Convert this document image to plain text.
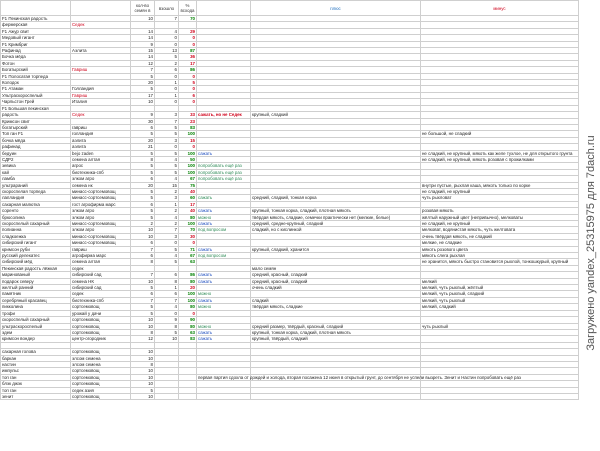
		кол-во семян в	взошло	% всхода		плюс	минус
F1 Пекинская радость		10	7	70			
фермерская	Седек						
F1 Ажур свит		14	4	29			
Медовый гигант		14	0	0			
F1 Кримбриг		9	0	0			
Рафинад	Аэлита	15	13	87			
Бочка мёда		14	5	36			
Фотон		12	2	17			
Богатырский	Гавриш	7	6	86			
F1 Полосатая торпеда		5	0	0			
Колодок		20	1	5			
F1 Атаман	Голландия	5	0	0			
Ультраскороспелый	Гавриш	17	1	6			
Чарльстон Грей	Италия	10	0	0			
F1 Большая пекинская							
радость	Седек	9	3	33	сажать, но не Седек	крупный, сладкий	
Кримсон свит		30	7	23			
богатырский	гавриш	6	5	83			
Топ ган F1	голландия	5	5	100			не большой, не сладкий
бочка мёда	аэлита	20	3	15			
рафинад	аэлита	21	0	0			
бедуин	bejo zaden	5	5	100	сажать		не сладкий, не крупный, мякоть как желе тухлое, не для открытого грунта
СДР2	семена алтая	8	4	50			не сладкий, не крупный, мякоть розовая с прожилками
зевика	агрос	5	5	100	попробовать ещё раз		
кай	биотехника-спб	5	5	100	попробовать ещё раз		
ламба	элком агро	6	4	67	попробовать ещё раз		
ультрараний	семена нк	20	15	75			внутри пустые, рыхлая каша, мякоть только по корке
скороспелая торпеда	минасс-сортсемовощ	5	2	40			не сладкий, не крупный
лапландия	минасс-сортсемовощ	5	3	60	сажать	средний, сладкий, тонкая корка	чуть рыхловат
сахарная малютка	гост агрофирма марс	6	1	17			
соренто	элком агро	5	2	40	сажать	крупный, тонкая корка, сладкий, плотная мякоть	розовая мякоть
брюсолина	элком агро	5	4	80	можно	твёрдая мякоть, сладкие, семечки практически нет (мелкие, белые)	жёлтый наружный цвет (непривычно), мелковаты
скороспелый сахарный	минасс-сортсемовощ	2	2	100	сажать	средний, средне-крупный, сладкий	не сладкий, не крупный
полианна	элком агро	10	7	70	под вопросом	сладкий, но с кислинкой	мелковат, водянистая мякоть, чуть желтовата
сладкоежка	минасс-сортсемовощ	10	3	30			очень твёрдая мякоть, не сладкий
сибирский гигант	минасс-сортсемовощ	6	0	0			мелкие, не сладкие
кримсон руби	гавриш	7	5	71	сажать	крупный, сладкий, хранится	мякоть розового цвета
русский делекатес	агрофирма марс	6	4	67	под вопросом		мякоть слега рыхлая
сибирский мёд	семена алтая	8	5	63			не хранится, мякоть быстро становится рыхлой, тонкошкурый, крупный
Пекинская радость лёжкая	седек					мало семян	
маринованый	сибирский сад	7	6	86	сажать	средний, красный, сладкий	
подарок северу	семена НК	10	8	80	сажать	средний, красный, сладкий	мелкий
желтый ранний	сибирский сад	5	1	20		очень сладкий	мелкий, чуть рыхлый, жёлтый
памятник	седек	6	6	100	можно		мелкий, чуть рыхлый, сладкий
серебряный красавец	биотехника-спб	7	7	100	сажать	сладкий	мелкий, чуть рыхлый
пикколина	сортсемовощ	5	4	80	можно	твёрдая мякоть, сладкие	мелкий, сладкий
трофи	урожай у дачи	5	0	0			
скороспелый сахарный	сортсемовощ	10	9	90			
ультраскороспелый	сортсемовощ	10	8	80	можно	средний размер, твёрдый, красный, сладкий	чуть рыхлый
эдем	сортсемовощ	8	5	63	сажать	крупный, тонкая корка, сладкий, плотная мякоть	
кримсон вондер	центр-огородник	12	10	83	сажать	крупный, твёрдый, сладкий	

сахарная голова	сортсемовощ	10					
баркан	элсом семена	10					
настин	элсом семена	8					
импульс	сортсемовощ	10					
топ ган	сортсемовощ	10			первая партия сдохла от дождей и холода, вторая посажена 12 июня в открытый грунт, до сентября не успели вызреть. Зенит и Настин попробовать ещё раз		
блэк джэк	сортсемовощ	10					
топ ган	седек азия	5					
зенит	сортсемовощ	10					
Загружено yandex_25315975 для 7dach.ru
